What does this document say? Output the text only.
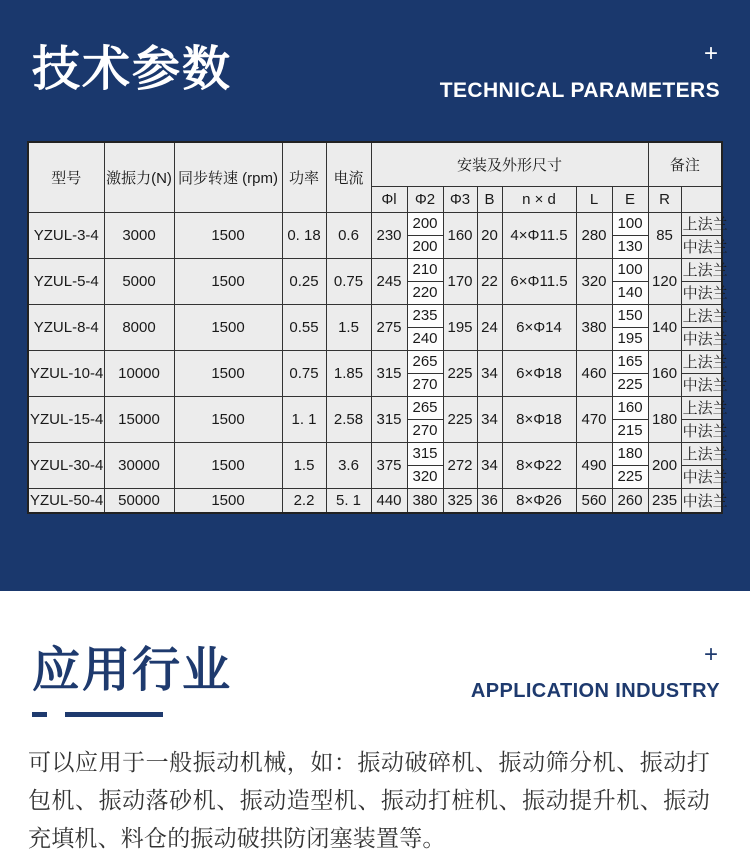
技术参数	+
TECHNICAL PARAMETERS
型号	激振力(N)	同步转速 (rpm)	功率	电流	安装及外形尺寸							备注	
					Φl	Φ2	Φ3	B	n × d	L	E	R	
YZUL-3-4	3000	1500	0. 18	0.6	230	200	160	20	4×Φ11.5	280	100	85	上法兰
						200					130		中法兰
YZUL-5-4	5000	1500	0.25	0.75	245	210	170	22	6×Φ11.5	320	100	120	上法兰
						220					140		中法兰
YZUL-8-4	8000	1500	0.55	1.5	275	235	195	24	6×Φ14	380	150	140	上法兰
						240					195		中法兰
YZUL-10-4	10000	1500	0.75	1.85	315	265	225	34	6×Φ18	460	165	160	上法兰
						270					225		中法兰
YZUL-15-4	15000	1500	1. 1	2.58	315	265	225	34	8×Φ18	470	160	180	上法兰
						270					215		中法兰
YZUL-30-4	30000	1500	1.5	3.6	375	315	272	34	8×Φ22	490	180	200	上法兰
						320					225		中法兰
YZUL-50-4	50000	1500	2.2	5. 1	440	380	325	36	8×Φ26	560	260	235	中法兰
应用行业	+
APPLICATION INDUSTRY
可以应用于一般振动机械，如：振动破碎机、振动筛分机、振动打包机、振动落砂机、振动造型机、振动打桩机、振动提升机、振动充填机、料仓的振动破拱防闭塞装置等。
